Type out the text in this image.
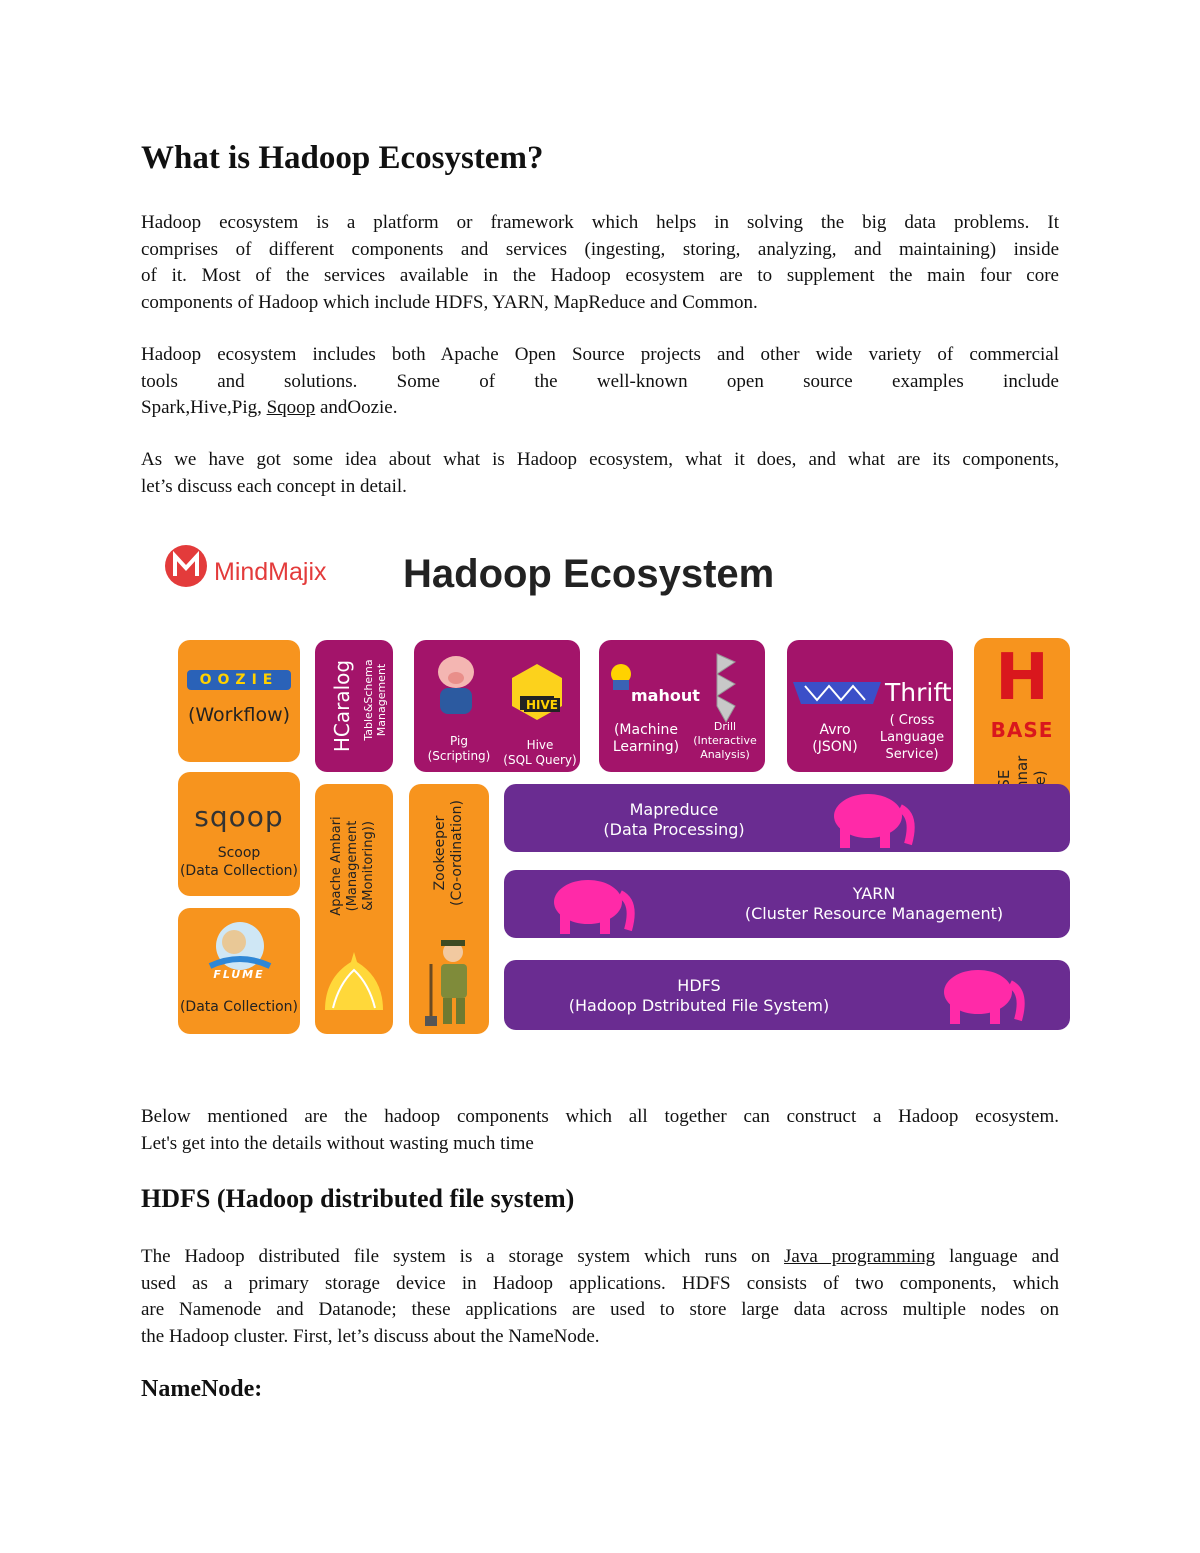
What is Hadoop Ecosystem?
Hadoop ecosystem is a platform or framework which helps in solving the big data problems. It
comprises of different components and services (ingesting, storing, analyzing, and maintaining) inside
of it. Most of the services available in the Hadoop ecosystem are to supplement the main four core
components of Hadoop which include HDFS, YARN, MapReduce and Common.
Hadoop ecosystem includes both Apache Open Source projects and other wide variety of commercial
tools and solutions. Some of the well-known open source examples include
Spark,Hive,Pig, Sqoop andOozie.
As we have got some idea about what is Hadoop ecosystem, what it does, and what are its components,
let’s discuss each concept in detail.
MindMajix Hadoop Ecosystem
OOZIE
(Workflow)	HCaralog Table&Schema
Management	HIVE
Pig
(Scripting)
Hive
(SQL Query)
mahout
(Machine
Learning)
Drill
(Interactive
Analysis)
Thrift
Avro
(JSON)
( Cross
Language
Service)
H
BASE

sqoop
Scoop
(Data Collection)
FLUME
(Data Collection)
Apache Ambari
(Management
&Monitoring))	Zookeeper
(Co-ordination)	Mapreduce
(Data Processing)
YARN
(Cluster Resource Management)
HDFS
(Hadoop Dstributed File System)
Below mentioned are the hadoop components which all together can construct a Hadoop ecosystem.
Let's get into the details without wasting much time
HDFS (Hadoop distributed file system)
The Hadoop distributed file system is a storage system which runs on Java programming language and
used as a primary storage device in Hadoop applications. HDFS consists of two components, which
are Namenode and Datanode; these applications are used to store large data across multiple nodes on
the Hadoop cluster. First, let’s discuss about the NameNode.
NameNode:
